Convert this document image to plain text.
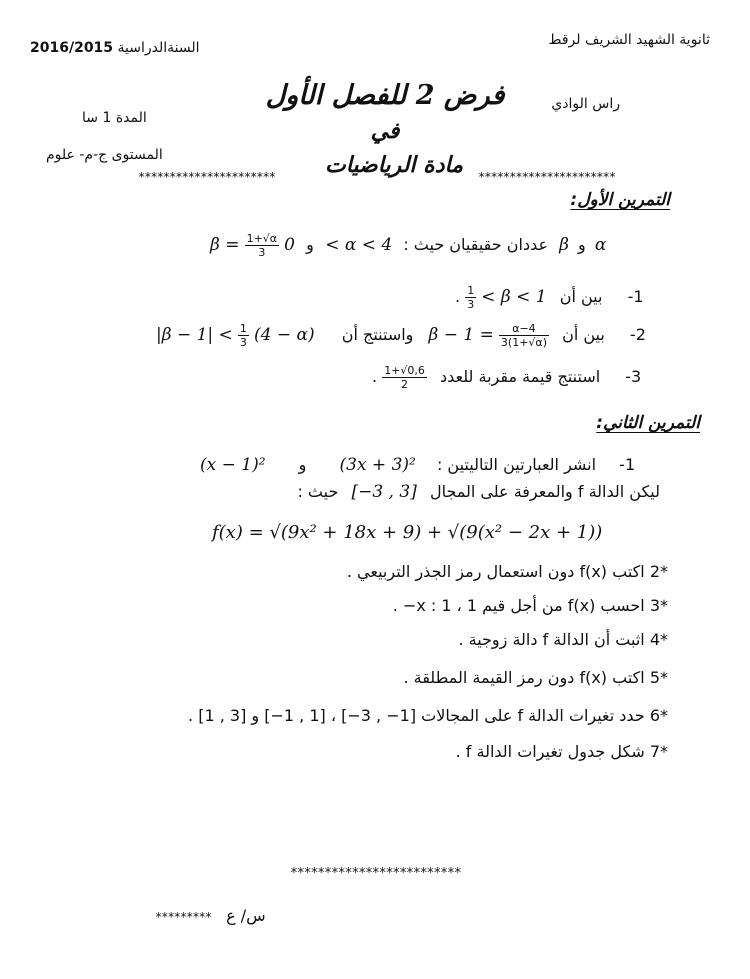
ثانوية الشهيد الشريف لرقط
2016/2015 السنةالدراسية
راس الوادي
المدة 1 سا
المستوى ج-م- علوم
فرض 2 للفصل الأول
في
**********************	مادة الرياضيات	**********************
التمرين الأول:
$\beta = \frac{1+√\alpha}{3}$ و 0 < α < 4 عددان حقيقيان حيث : β و α
. $\frac{1}{3} < \beta < 1$ بين أن -1
$|\beta - 1| < \frac{1}{3} (4 - \alpha)$ واستنتج أن $\beta - 1 = \frac{\alpha-4}{3(1+√\alpha)}$ بين أن -2
. $\frac{1+√0,6}{2}$ استنتج قيمة مقربة للعدد -3
التمرين الثاني:
(x − 1)² و (3x + 3)² انشر العبارتين التاليتين : -1
ليكن الدالة f والمعرفة على المجال [3 , 3−] حيث :
f(x) = √(9x² + 18x + 9) + √(9(x² − 2x + 1))
*2 اكتب f(x) دون استعمال رمز الجذر التربيعي .
*3 احسب f(x) من أجل قيم x : 1 ، 1− .
*4 اثبت أن الدالة f دالة زوجية .
*5 اكتب f(x) دون رمز القيمة المطلقة .
*6 حدد تغيرات الدالة f على المجالات [1− , 3−] ، [1 , 1−] و [3 , 1] .
*7 شكل جدول تغيرات الدالة f .
*************************
********* س/ ع
